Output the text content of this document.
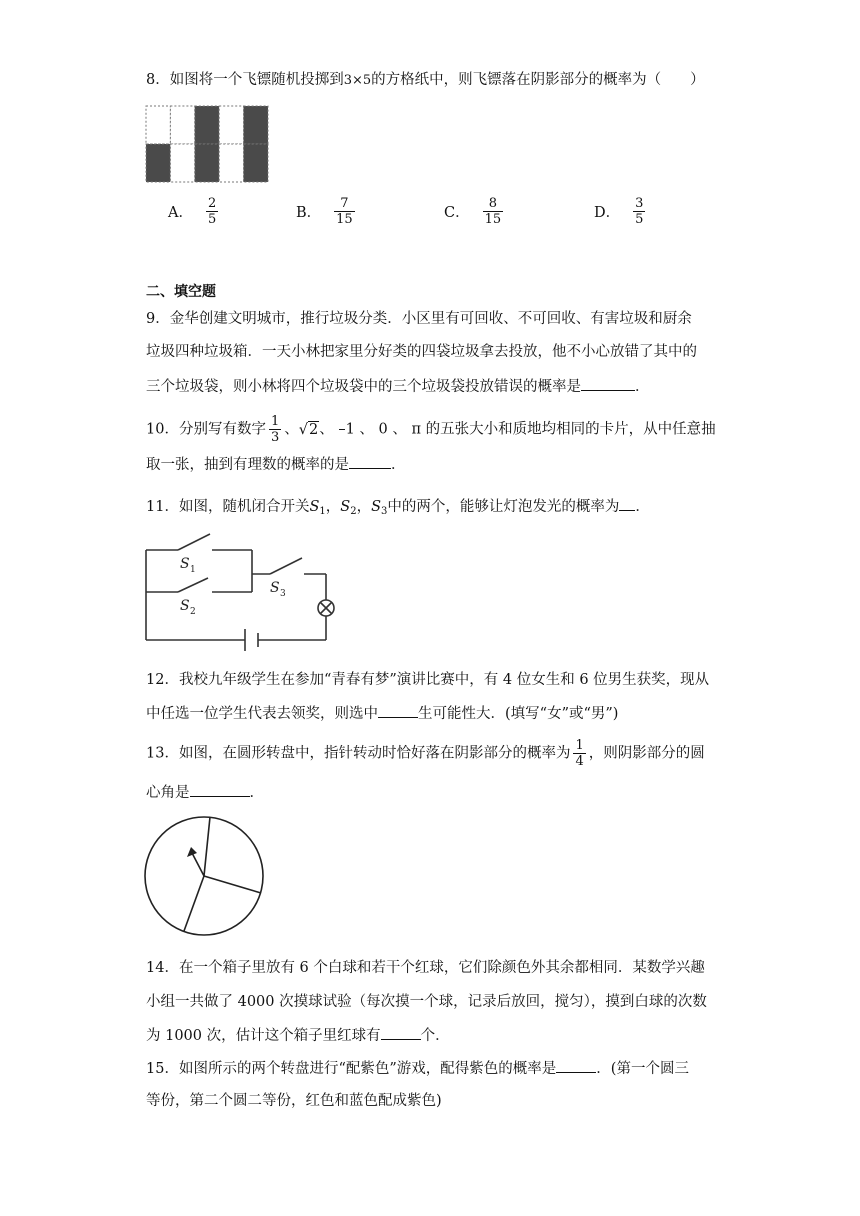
8．如图将一个飞镖随机投掷到3×5的方格纸中，则飞镖落在阴影部分的概率为（　　）
A． $\frac{2}{5}$	B． $\frac{7}{15}$	C． $\frac{8}{15}$	D． $\frac{3}{5}$
二、填空题
9．金华创建文明城市，推行垃圾分类．小区里有可回收、不可回收、有害垃圾和厨余
垃圾四种垃圾箱．一天小林把家里分好类的四袋垃圾拿去投放，他不小心放错了其中的
三个垃圾袋，则小林将四个垃圾袋中的三个垃圾袋投放错误的概率是	．
10．分别写有数字 $\frac{1}{3}$ 、√2、 –1 、 0 、 π 的五张大小和质地均相同的卡片，从中任意抽
取一张，抽到有理数的概率的是	．
11．如图，随机闭合开关$S_1$，$S_2$，$S_3$中的两个，能够让灯泡发光的概率为 ．
S 1
S 2
S 3
12．我校九年级学生在参加“青春有梦”演讲比赛中，有 4 位女生和 6 位男生获奖，现从
中任选一位学生代表去领奖，则选中	生可能性大．(填写“女”或“男”)
13．如图，在圆形转盘中，指针转动时恰好落在阴影部分的概率为 $\frac{1}{4}$ ，则阴影部分的圆
心角是	．
14．在一个箱子里放有 6 个白球和若干个红球，它们除颜色外其余都相同．某数学兴趣
小组一共做了 4000 次摸球试验（每次摸一个球，记录后放回，搅匀），摸到白球的次数
为 1000 次，估计这个箱子里红球有	个．
15．如图所示的两个转盘进行“配紫色”游戏，配得紫色的概率是	．(第一个圆三
等份，第二个圆二等份，红色和蓝色配成紫色)
